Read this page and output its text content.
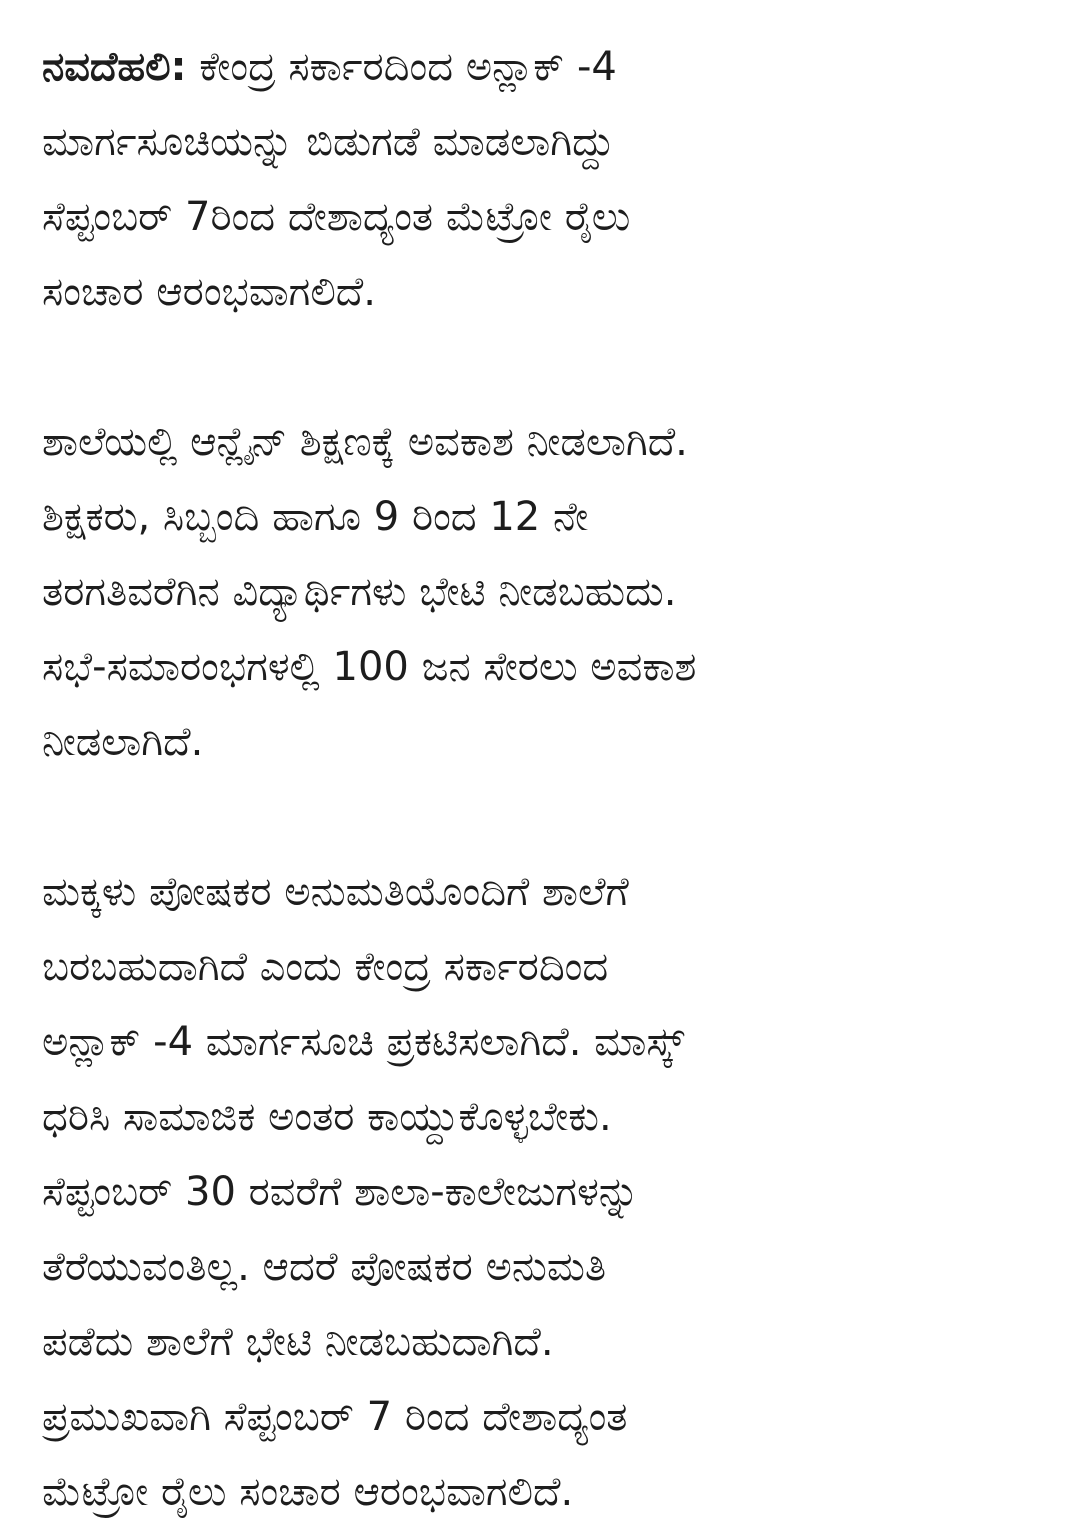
ನವದೆಹಲಿ: ಕೇಂದ್ರ ಸರ್ಕಾರದಿಂದ ಅನ್ಲಾಕ್ -4
ಮಾರ್ಗಸೂಚಿಯನ್ನು ಬಿಡುಗಡೆ ಮಾಡಲಾಗಿದ್ದು
ಸೆಪ್ಟಂಬರ್ 7ರಿಂದ ದೇಶಾದ್ಯಂತ ಮೆಟ್ರೋ ರೈಲು
ಸಂಚಾರ ಆರಂಭವಾಗಲಿದೆ.
ಶಾಲೆಯಲ್ಲಿ ಆನ್ಲೈನ್ ಶಿಕ್ಷಣಕ್ಕೆ ಅವಕಾಶ ನೀಡಲಾಗಿದೆ.
ಶಿಕ್ಷಕರು, ಸಿಬ್ಬಂದಿ ಹಾಗೂ 9 ರಿಂದ 12 ನೇ
ತರಗತಿವರೆಗಿನ ವಿದ್ಯಾರ್ಥಿಗಳು ಭೇಟಿ ನೀಡಬಹುದು.
ಸಭೆ-ಸಮಾರಂಭಗಳಲ್ಲಿ 100 ಜನ ಸೇರಲು ಅವಕಾಶ
ನೀಡಲಾಗಿದೆ.
ಮಕ್ಕಳು ಪೋಷಕರ ಅನುಮತಿಯೊಂದಿಗೆ ಶಾಲೆಗೆ
ಬರಬಹುದಾಗಿದೆ ಎಂದು ಕೇಂದ್ರ ಸರ್ಕಾರದಿಂದ
ಅನ್ಲಾಕ್ -4 ಮಾರ್ಗಸೂಚಿ ಪ್ರಕಟಿಸಲಾಗಿದೆ. ಮಾಸ್ಕ್
ಧರಿಸಿ ಸಾಮಾಜಿಕ ಅಂತರ ಕಾಯ್ದುಕೊಳ್ಳಬೇಕು.
ಸೆಪ್ಟಂಬರ್ 30 ರವರೆಗೆ ಶಾಲಾ-ಕಾಲೇಜುಗಳನ್ನು
ತೆರೆಯುವಂತಿಲ್ಲ. ಆದರೆ ಪೋಷಕರ ಅನುಮತಿ
ಪಡೆದು ಶಾಲೆಗೆ ಭೇಟಿ ನೀಡಬಹುದಾಗಿದೆ.
ಪ್ರಮುಖವಾಗಿ ಸೆಪ್ಟಂಬರ್ 7 ರಿಂದ ದೇಶಾದ್ಯಂತ
ಮೆಟ್ರೋ ರೈಲು ಸಂಚಾರ ಆರಂಭವಾಗಲಿದೆ.
